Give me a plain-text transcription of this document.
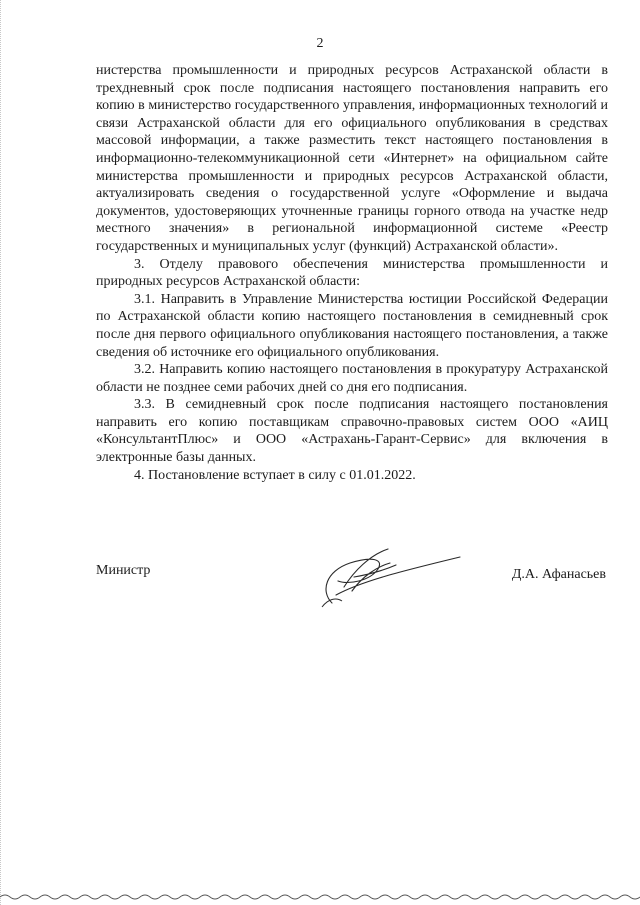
2

нистерства промышленности и природных ресурсов Астраханской области в трехдневный срок после подписания настоящего постановления направить его копию в министерство государственного управления, информационных технологий и связи Астраханской области для его официального опубликования в средствах массовой информации, а также разместить текст настоящего постановления в информационно-телекоммуникационной сети «Интернет» на официальном сайте министерства промышленности и природных ресурсов Астраханской области, актуализировать сведения о государственной услуге «Оформление и выдача документов, удостоверяющих уточненные границы горного отвода на участке недр местного значения» в региональной информационной системе «Реестр государственных и муниципальных услуг (функций) Астраханской области».

3. Отделу правового обеспечения министерства промышленности и природных ресурсов Астраханской области:

3.1. Направить в Управление Министерства юстиции Российской Федерации по Астраханской области копию настоящего постановления в семидневный срок после дня первого официального опубликования настоящего постановления, а также сведения об источнике его официального опубликования.

3.2. Направить копию настоящего постановления в прокуратуру Астраханской области не позднее семи рабочих дней со дня его подписания.

3.3. В семидневный срок после подписания настоящего постановления направить его копию поставщикам справочно-правовых систем ООО «АИЦ «КонсультантПлюс» и ООО «Астрахань-Гарант-Сервис» для включения в электронные базы данных.

4. Постановление вступает в силу с 01.01.2022.

Министр	Д.А. Афанасьев
